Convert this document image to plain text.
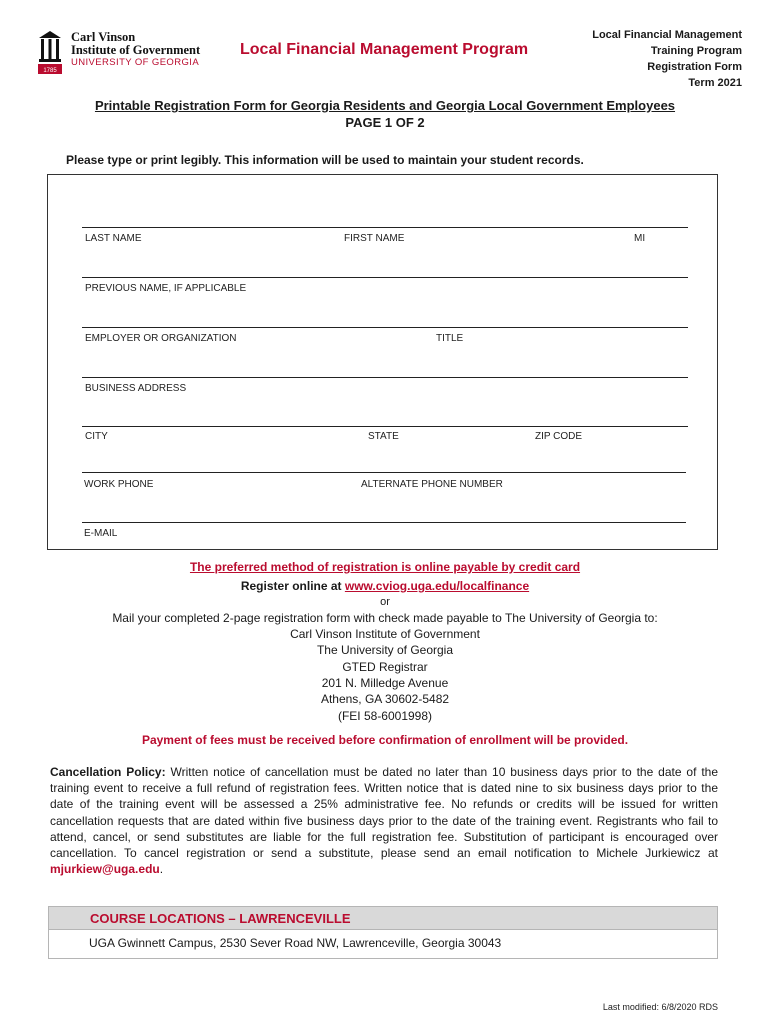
1785
Carl Vinson
Institute of Government
UNIVERSITY OF GEORGIA
Local Financial Management Program
Local Financial Management
Training Program
Registration Form
Term 2021
Printable Registration Form for Georgia Residents and Georgia Local Government Employees
PAGE 1 OF 2
Please type or print legibly. This information will be used to maintain your student records.
LAST NAME	FIRST NAME	MI
PREVIOUS NAME, IF APPLICABLE
EMPLOYER OR ORGANIZATION	TITLE
BUSINESS ADDRESS
CITY	STATE	ZIP CODE
WORK PHONE	ALTERNATE PHONE NUMBER
E-MAIL
The preferred method of registration is online payable by credit card
Register online at www.cviog.uga.edu/localfinance
or
Mail your completed 2-page registration form with check made payable to The University of Georgia to:
Carl Vinson Institute of Government
The University of Georgia
GTED Registrar
201 N. Milledge Avenue
Athens, GA 30602-5482
(FEI 58-6001998)
Payment of fees must be received before confirmation of enrollment will be provided.
Cancellation Policy: Written notice of cancellation must be dated no later than 10 business days prior to the date of the training event to receive a full refund of registration fees. Written notice that is dated nine to six business days prior to the date of the training event will be assessed a 25% administrative fee. No refunds or credits will be issued for written cancellation requests that are dated within five business days prior to the date of the training event. Registrants who fail to attend, cancel, or send substitutes are liable for the full registration fee. Substitution of participant is encouraged over cancellation. To cancel registration or send a substitute, please send an email notification to Michele Jurkiewicz at mjurkiew@uga.edu.
COURSE LOCATIONS – LAWRENCEVILLE
UGA Gwinnett Campus, 2530 Sever Road NW, Lawrenceville, Georgia 30043
Last modified: 6/8/2020 RDS
